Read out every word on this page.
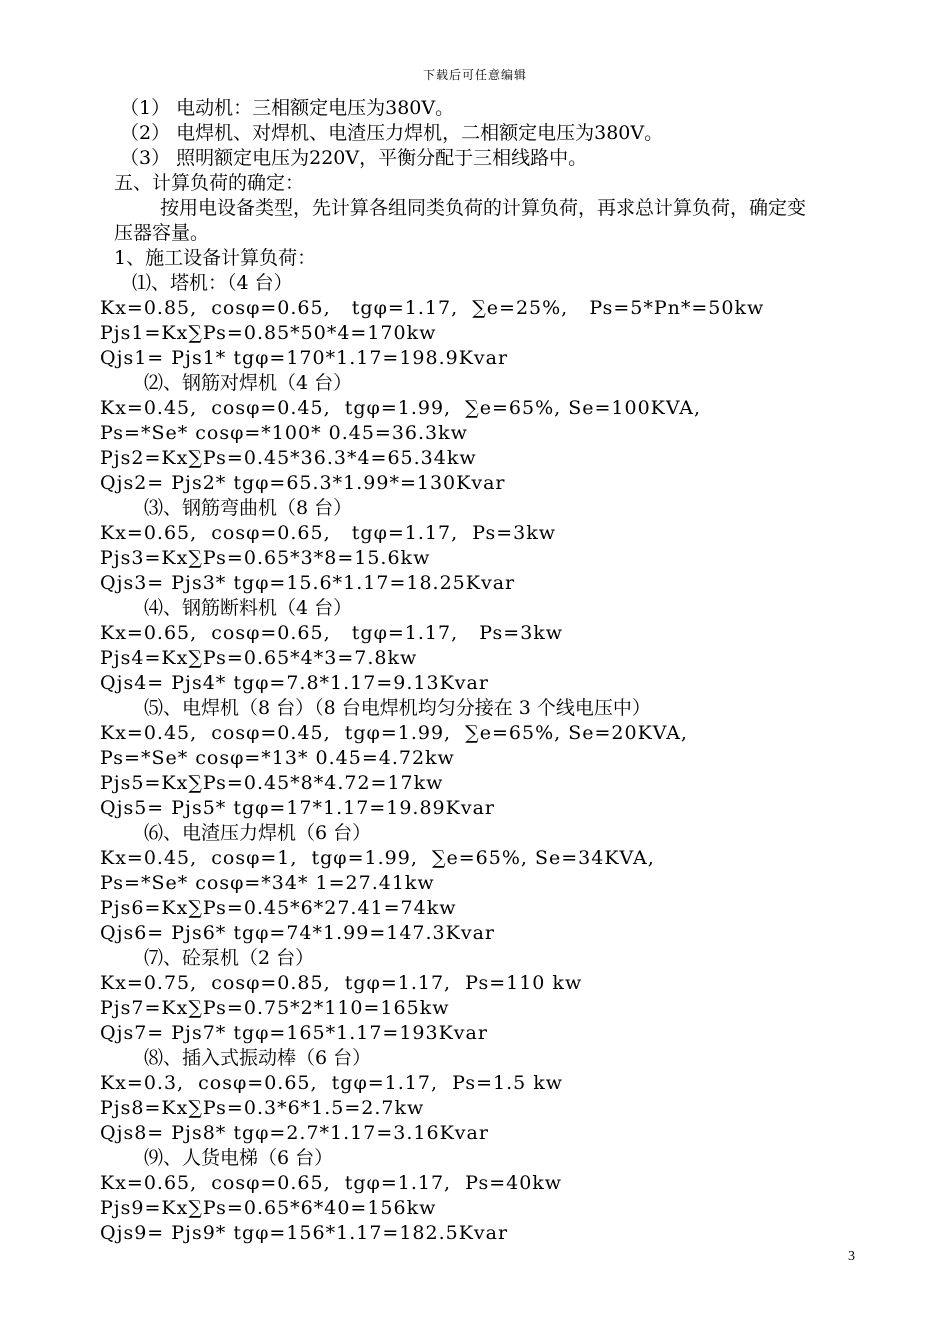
下载后可任意编辑
（1） 电动机：三相额定电压为380V。
（2） 电焊机、对焊机、电渣压力焊机，二相额定电压为380V。
（3） 照明额定电压为220V，平衡分配于三相线路中。
五、计算负荷的确定：
按用电设备类型，先计算各组同类负荷的计算负荷，再求总计算负荷，确定变
压器容量。
1、施工设备计算负荷：
⑴、塔机：（4 台）
Kx=0.85,  cosφ=0.65,   tgφ=1.17,  ∑e=25%,   Ps=5*Pn*=50kw
Pjs1=Kx∑Ps=0.85*50*4=170kw
Qjs1= Pjs1* tgφ=170*1.17=198.9Kvar
⑵、钢筋对焊机（4 台）
Kx=0.45,  cosφ=0.45,  tgφ=1.99,  ∑e=65%, Se=100KVA,
Ps=*Se* cosφ=*100* 0.45=36.3kw
Pjs2=Kx∑Ps=0.45*36.3*4=65.34kw
Qjs2= Pjs2* tgφ=65.3*1.99*=130Kvar
⑶、钢筋弯曲机（8 台）
Kx=0.65,  cosφ=0.65,   tgφ=1.17,  Ps=3kw
Pjs3=Kx∑Ps=0.65*3*8=15.6kw
Qjs3= Pjs3* tgφ=15.6*1.17=18.25Kvar
⑷、钢筋断料机（4 台）
Kx=0.65,  cosφ=0.65,   tgφ=1.17,   Ps=3kw
Pjs4=Kx∑Ps=0.65*4*3=7.8kw
Qjs4= Pjs4* tgφ=7.8*1.17=9.13Kvar
⑸、电焊机（8 台）（8 台电焊机均匀分接在 3 个线电压中）
Kx=0.45,  cosφ=0.45,  tgφ=1.99,  ∑e=65%, Se=20KVA,
Ps=*Se* cosφ=*13* 0.45=4.72kw
Pjs5=Kx∑Ps=0.45*8*4.72=17kw
Qjs5= Pjs5* tgφ=17*1.17=19.89Kvar
⑹、电渣压力焊机（6 台）
Kx=0.45,  cosφ=1,  tgφ=1.99,  ∑e=65%, Se=34KVA,
Ps=*Se* cosφ=*34* 1=27.41kw
Pjs6=Kx∑Ps=0.45*6*27.41=74kw
Qjs6= Pjs6* tgφ=74*1.99=147.3Kvar
⑺、砼泵机（2 台）
Kx=0.75,  cosφ=0.85,  tgφ=1.17,  Ps=110 kw
Pjs7=Kx∑Ps=0.75*2*110=165kw
Qjs7= Pjs7* tgφ=165*1.17=193Kvar
⑻、插入式振动棒（6 台）
Kx=0.3,  cosφ=0.65,  tgφ=1.17,  Ps=1.5 kw
Pjs8=Kx∑Ps=0.3*6*1.5=2.7kw
Qjs8= Pjs8* tgφ=2.7*1.17=3.16Kvar
⑼、人货电梯（6 台）
Kx=0.65,  cosφ=0.65,  tgφ=1.17,  Ps=40kw
Pjs9=Kx∑Ps=0.65*6*40=156kw
Qjs9= Pjs9* tgφ=156*1.17=182.5Kvar
3
